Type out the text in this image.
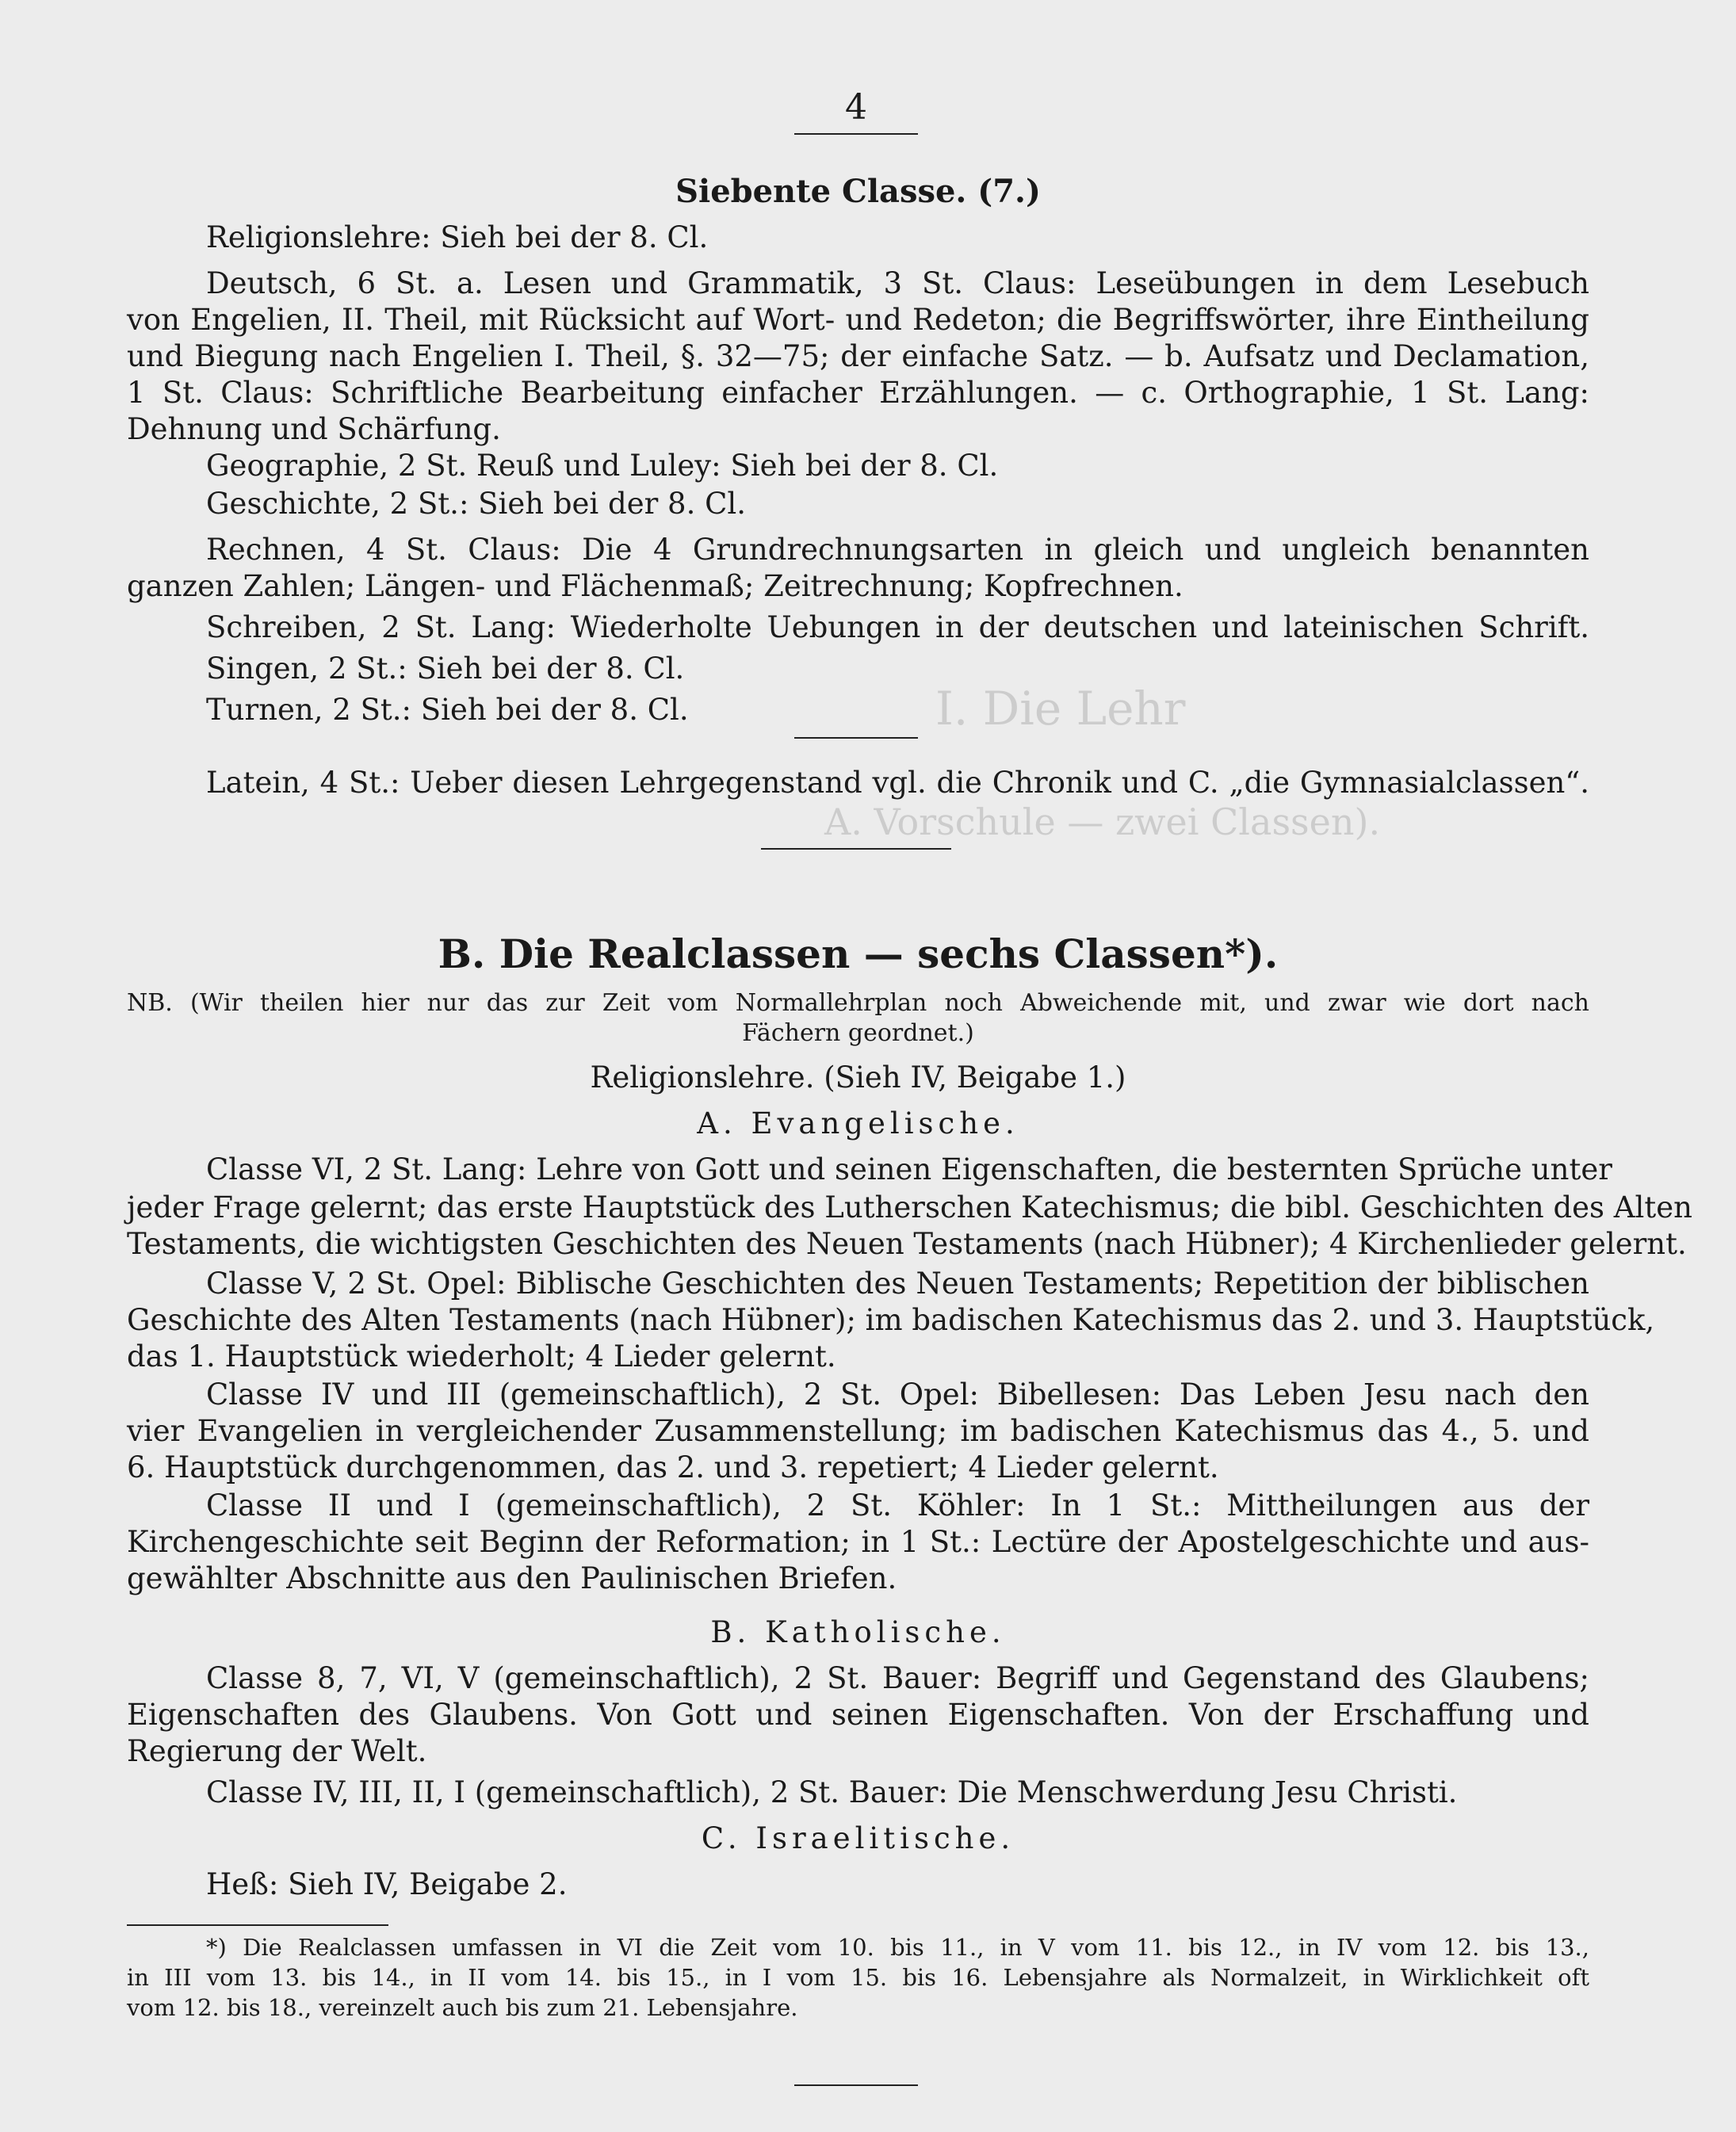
4
I. Die Lehr
A. Vorschule — zwei Classen).
Siebente Classe. (7.)
Religionslehre: Sieh bei der 8. Cl.
Deutsch, 6 St. a. Lesen und Grammatik, 3 St. Claus: Leseübungen in dem Lesebuch
von Engelien, II. Theil, mit Rücksicht auf Wort- und Redeton; die Begriffswörter, ihre Eintheilung
und Biegung nach Engelien I. Theil, §. 32—75; der einfache Satz. — b. Aufsatz und Declamation,
1 St. Claus: Schriftliche Bearbeitung einfacher Erzählungen. — c. Orthographie, 1 St. Lang:
Dehnung und Schärfung.
Geographie, 2 St. Reuß und Luley: Sieh bei der 8. Cl.
Geschichte, 2 St.: Sieh bei der 8. Cl.
Rechnen, 4 St. Claus: Die 4 Grundrechnungsarten in gleich und ungleich benannten
ganzen Zahlen; Längen- und Flächenmaß; Zeitrechnung; Kopfrechnen.
Schreiben, 2 St. Lang: Wiederholte Uebungen in der deutschen und lateinischen Schrift.
Singen, 2 St.: Sieh bei der 8. Cl.
Turnen, 2 St.: Sieh bei der 8. Cl.
Latein, 4 St.: Ueber diesen Lehrgegenstand vgl. die Chronik und C. „die Gymnasialclassen“.
B. Die Realclassen — sechs Classen*).
NB. (Wir theilen hier nur das zur Zeit vom Normallehrplan noch Abweichende mit, und zwar wie dort nach
Fächern geordnet.)
Religionslehre. (Sieh IV, Beigabe 1.)
A. Evangelische.
Classe VI, 2 St. Lang: Lehre von Gott und seinen Eigenschaften, die besternten Sprüche unter
jeder Frage gelernt; das erste Hauptstück des Lutherschen Katechismus; die bibl. Geschichten des Alten
Testaments, die wichtigsten Geschichten des Neuen Testaments (nach Hübner); 4 Kirchenlieder gelernt.
Classe V, 2 St. Opel: Biblische Geschichten des Neuen Testaments; Repetition der biblischen
Geschichte des Alten Testaments (nach Hübner); im badischen Katechismus das 2. und 3. Hauptstück,
das 1. Hauptstück wiederholt; 4 Lieder gelernt.
Classe IV und III (gemeinschaftlich), 2 St. Opel: Bibellesen: Das Leben Jesu nach den
vier Evangelien in vergleichender Zusammenstellung; im badischen Katechismus das 4., 5. und
6. Hauptstück durchgenommen, das 2. und 3. repetiert; 4 Lieder gelernt.
Classe II und I (gemeinschaftlich), 2 St. Köhler: In 1 St.: Mittheilungen aus der
Kirchengeschichte seit Beginn der Reformation; in 1 St.: Lectüre der Apostelgeschichte und aus-
gewählter Abschnitte aus den Paulinischen Briefen.
B. Katholische.
Classe 8, 7, VI, V (gemeinschaftlich), 2 St. Bauer: Begriff und Gegenstand des Glaubens;
Eigenschaften des Glaubens. Von Gott und seinen Eigenschaften. Von der Erschaffung und
Regierung der Welt.
Classe IV, III, II, I (gemeinschaftlich), 2 St. Bauer: Die Menschwerdung Jesu Christi.
C. Israelitische.
Heß: Sieh IV, Beigabe 2.
*) Die Realclassen umfassen in VI die Zeit vom 10. bis 11., in V vom 11. bis 12., in IV vom 12. bis 13.,
in III vom 13. bis 14., in II vom 14. bis 15., in I vom 15. bis 16. Lebensjahre als Normalzeit, in Wirklichkeit oft
vom 12. bis 18., vereinzelt auch bis zum 21. Lebensjahre.
